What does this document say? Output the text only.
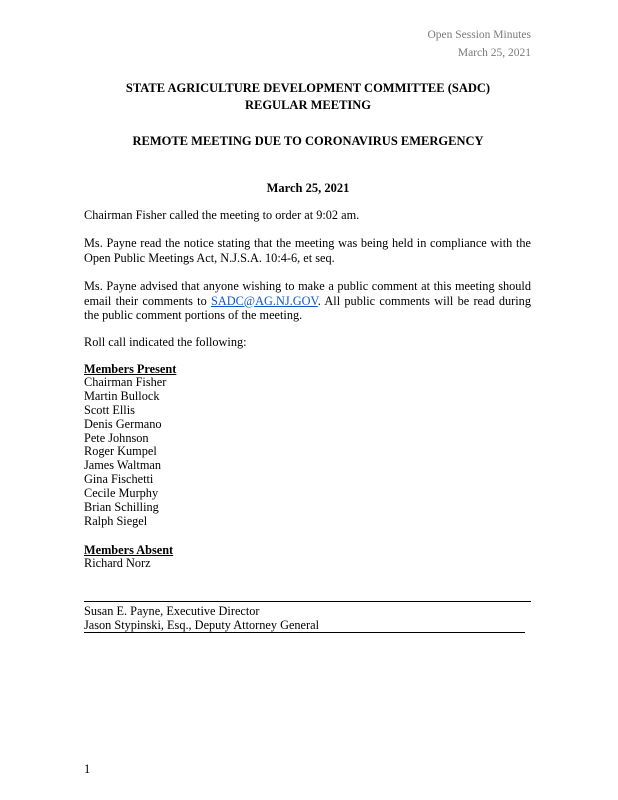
Open Session Minutes
March 25, 2021
STATE AGRICULTURE DEVELOPMENT COMMITTEE (SADC)
REGULAR MEETING
REMOTE MEETING DUE TO CORONAVIRUS EMERGENCY
March 25, 2021

Chairman Fisher called the meeting to order at 9:02 am.

Ms. Payne read the notice stating that the meeting was being held in compliance with the Open Public Meetings Act, N.J.S.A. 10:4-6, et seq.

Ms. Payne advised that anyone wishing to make a public comment at this meeting should email their comments to SADC@AG.NJ.GOV. All public comments will be read during the public comment portions of the meeting.

Roll call indicated the following:

Members Present
Chairman Fisher
Martin Bullock
Scott Ellis
Denis Germano
Pete Johnson
Roger Kumpel
James Waltman
Gina Fischetti
Cecile Murphy
Brian Schilling
Ralph Siegel
Members Absent
Richard Norz
Susan E. Payne, Executive Director
Jason Stypinski, Esq., Deputy Attorney General
1
